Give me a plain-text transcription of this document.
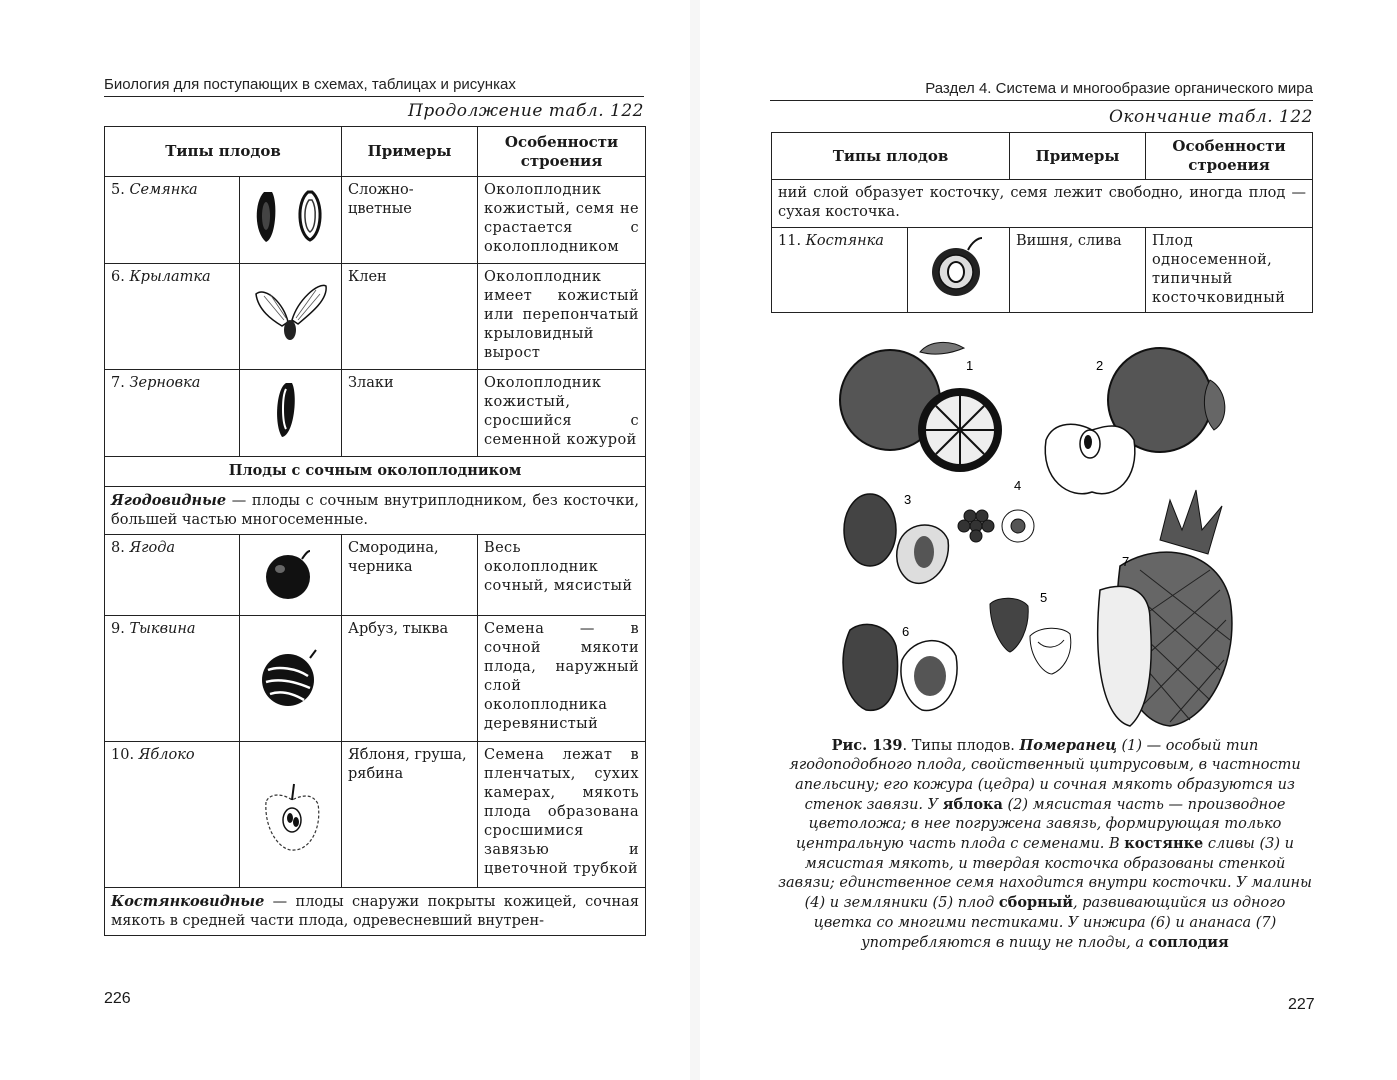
Биология для поступающих в схемах, таблицах и рисунках
Продолжение табл. 122
Типы плодов		Примеры	Особенности строения
5. Семянка		Сложно-цветные	Околоплодник кожистый, семя не срастается с околоплодником
6. Крылатка		Клен	Околоплодник имеет кожистый или перепончатый крыловидный вырост
7. Зерновка		Злаки	Околоплодник кожистый, сросшийся с семенной кожурой
Плоды с сочным околоплодником			
Ягодовидные — плоды с сочным внутриплодником, без косточки, большей частью многосеменные.			
8. Ягода		Смородина, черника	Весь околоплодник сочный, мясистый
9. Тыквина		Арбуз, тыква	Семена — в сочной мякоти плода, наружный слой околоплодника деревянистый
10. Яблоко		Яблоня, груша, рябина	Семена лежат в пленчатых, сухих камерах, мякоть плода образована сросшимися завязью и цветочной трубкой
Костянковидные — плоды снаружи покрыты кожицей, сочная мякоть в средней части плода, одревесневший внутрен-			
226
Раздел 4. Система и многообразие органического мира
Окончание табл. 122
Типы плодов		Примеры	Особенности строения
ний слой образует косточку, семя лежит свободно, иногда плод — сухая косточка.			
11. Костянка		Вишня, слива	Плод односеменной, типичный косточковидный
1	2
3
4
5
6
7
Рис. 139. Типы плодов. Померанец (1) — особый тип ягодоподобного плода, свойственный цитрусовым, в частности апельсину; его кожура (цедра) и сочная мякоть образуются из стенок завязи. У яблока (2) мясистая часть — производное цветоложа; в нее погружена завязь, формирующая только центральную часть плода с семенами. В костянке сливы (3) и мясистая мякоть, и твердая косточка образованы стенкой завязи; единственное семя находится внутри косточки. У малины (4) и земляники (5) плод сборный, развивающийся из одного цветка со многими пестиками. У инжира (6) и ананаса (7) употребляются в пищу не плоды, а соплодия
227
